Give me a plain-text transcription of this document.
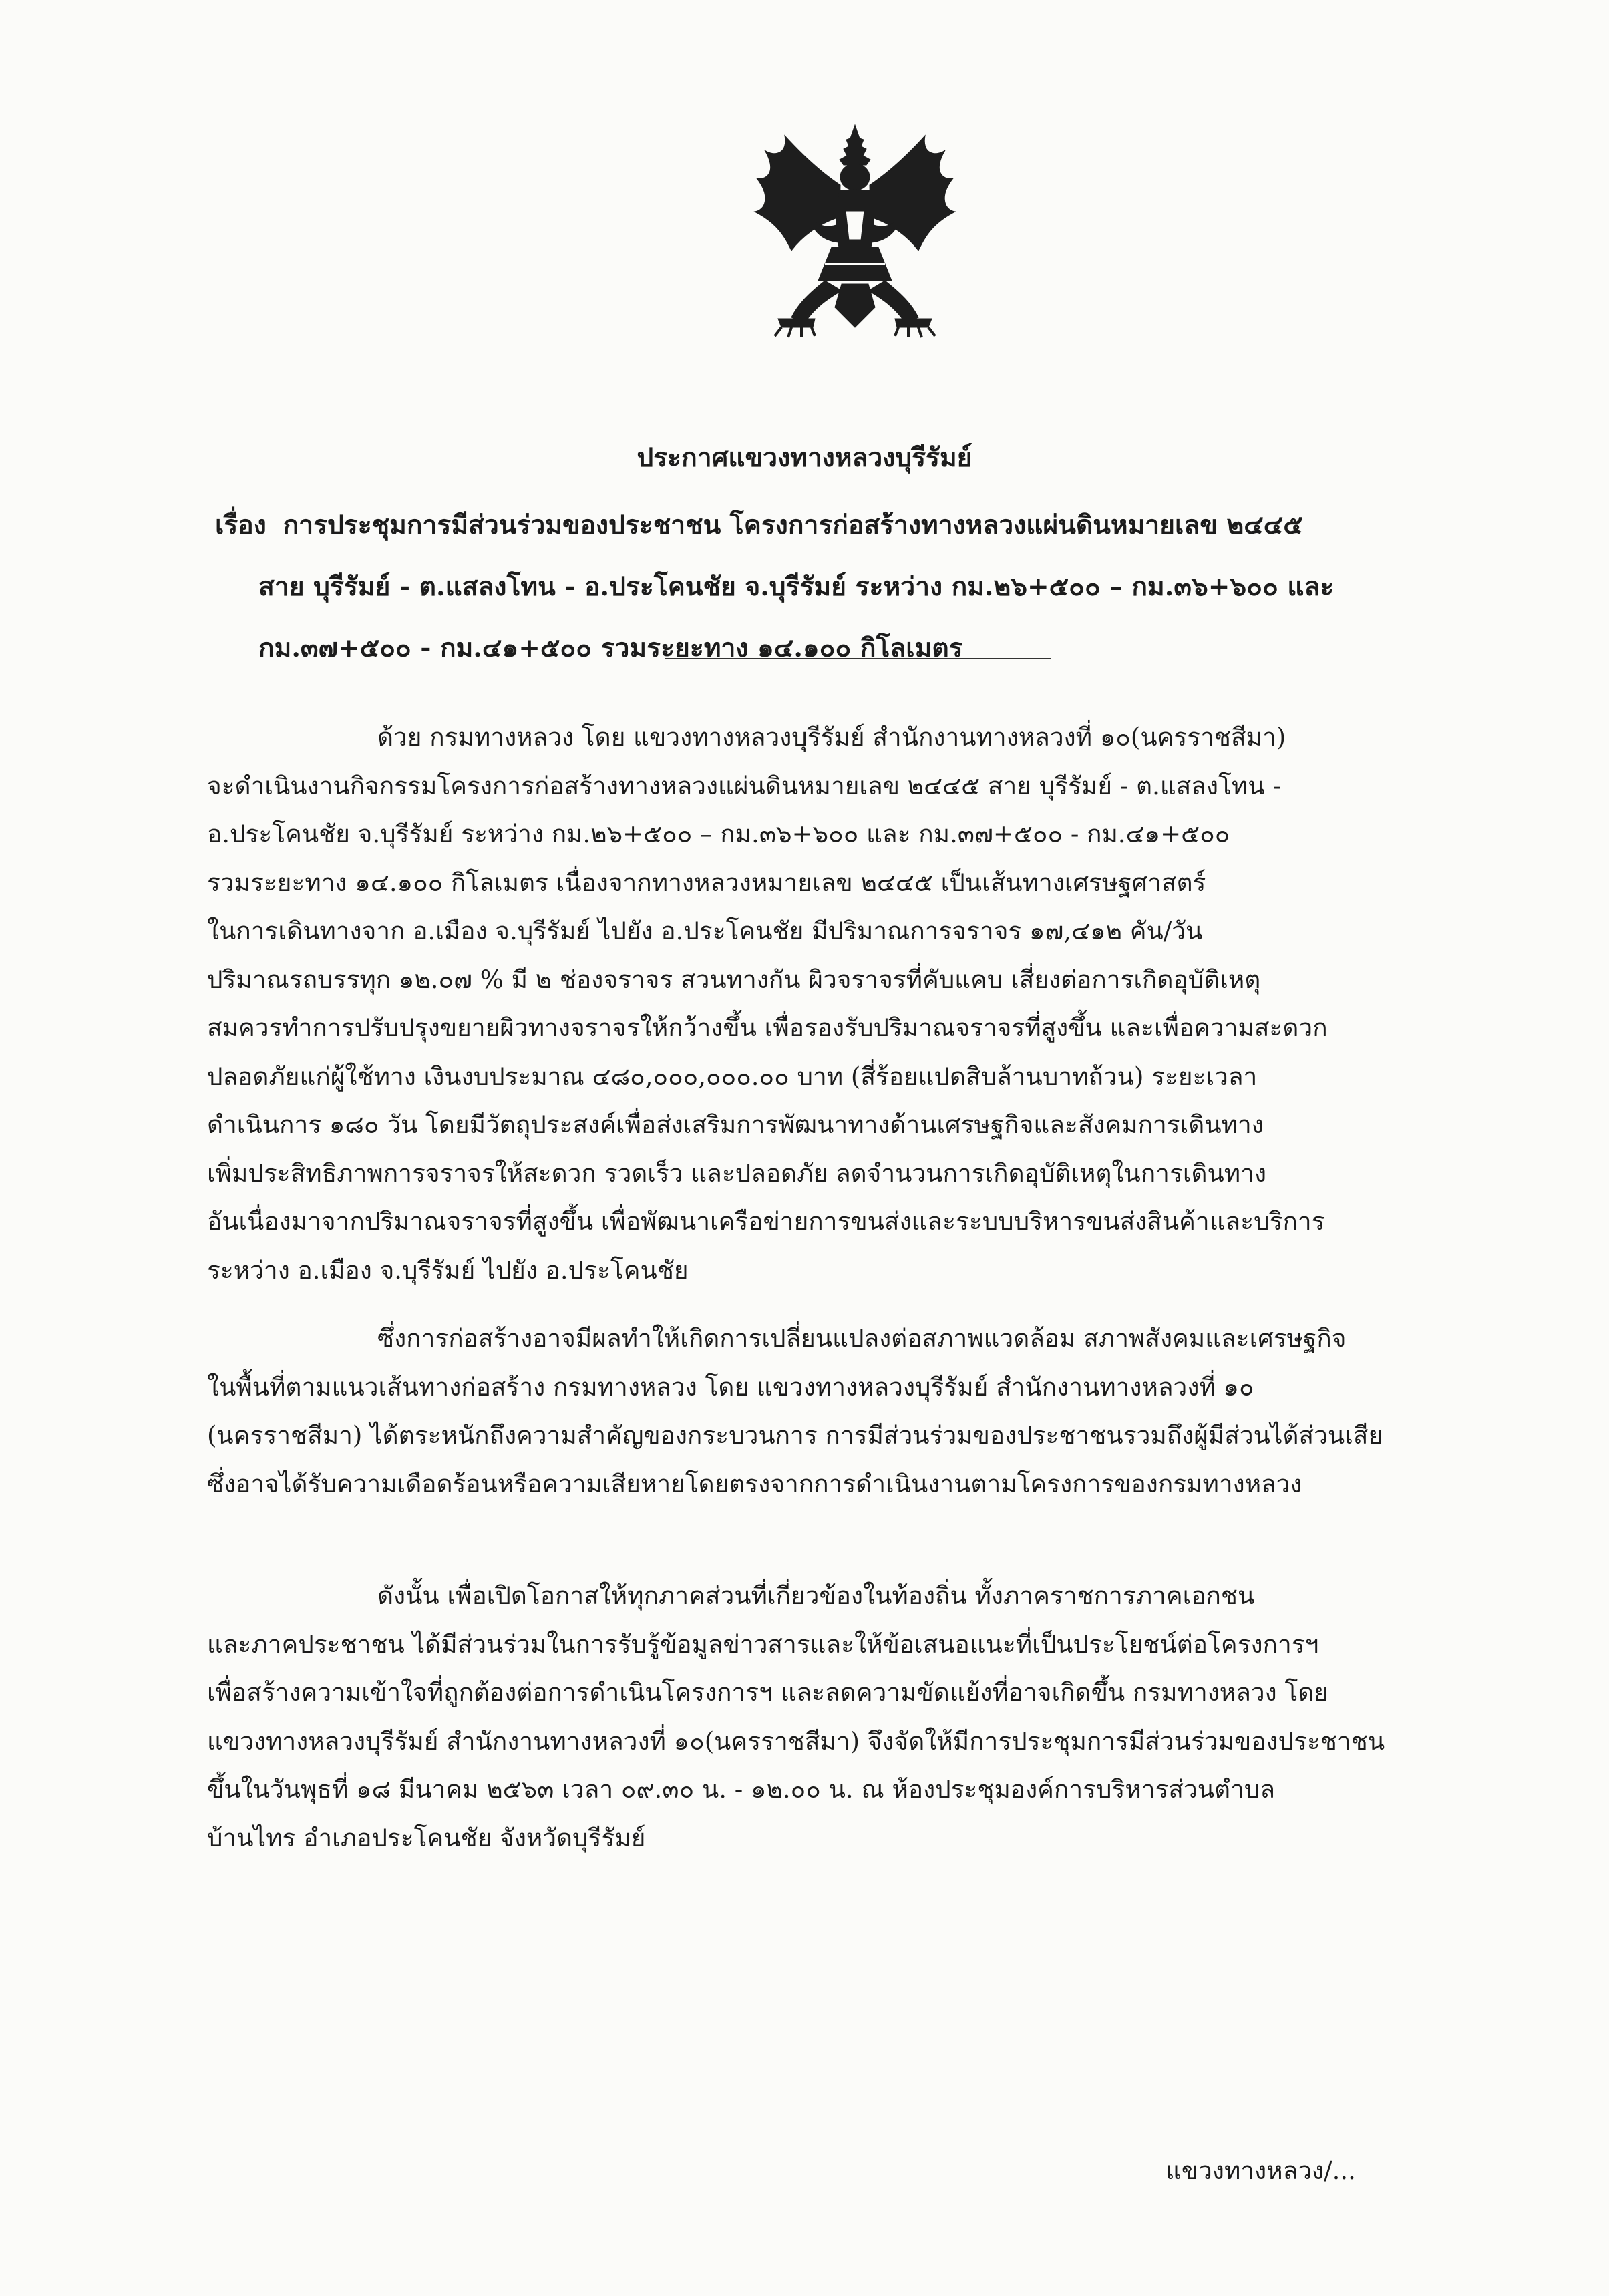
ประกาศแขวงทางหลวงบุรีรัมย์
เรื่อง การประชุมการมีส่วนร่วมของประชาชน โครงการก่อสร้างทางหลวงแผ่นดินหมายเลข ๒๔๔๕
สาย บุรีรัมย์ - ต.แสลงโทน - อ.ประโคนชัย จ.บุรีรัมย์ ระหว่าง กม.๒๖+๕๐๐ – กม.๓๖+๖๐๐ และ
กม.๓๗+๕๐๐ - กม.๔๑+๕๐๐ รวมระยะทาง ๑๔.๑๐๐ กิโลเมตร
ด้วย กรมทางหลวง โดย แขวงทางหลวงบุรีรัมย์ สำนักงานทางหลวงที่ ๑๐(นครราชสีมา)
จะดำเนินงานกิจกรรมโครงการก่อสร้างทางหลวงแผ่นดินหมายเลข ๒๔๔๕ สาย บุรีรัมย์ - ต.แสลงโทน -
อ.ประโคนชัย จ.บุรีรัมย์ ระหว่าง กม.๒๖+๕๐๐ – กม.๓๖+๖๐๐ และ กม.๓๗+๕๐๐ - กม.๔๑+๕๐๐
รวมระยะทาง ๑๔.๑๐๐ กิโลเมตร เนื่องจากทางหลวงหมายเลข ๒๔๔๕ เป็นเส้นทางเศรษฐศาสตร์
ในการเดินทางจาก อ.เมือง จ.บุรีรัมย์ ไปยัง อ.ประโคนชัย มีปริมาณการจราจร ๑๗,๔๑๒ คัน/วัน
ปริมาณรถบรรทุก ๑๒.๐๗ % มี ๒ ช่องจราจร สวนทางกัน ผิวจราจรที่คับแคบ เสี่ยงต่อการเกิดอุบัติเหตุ
สมควรทำการปรับปรุงขยายผิวทางจราจรให้กว้างขึ้น เพื่อรองรับปริมาณจราจรที่สูงขึ้น และเพื่อความสะดวก
ปลอดภัยแก่ผู้ใช้ทาง เงินงบประมาณ ๔๘๐,๐๐๐,๐๐๐.๐๐ บาท (สี่ร้อยแปดสิบล้านบาทถ้วน) ระยะเวลา
ดำเนินการ ๑๘๐ วัน โดยมีวัตถุประสงค์เพื่อส่งเสริมการพัฒนาทางด้านเศรษฐกิจและสังคมการเดินทาง
เพิ่มประสิทธิภาพการจราจรให้สะดวก รวดเร็ว และปลอดภัย ลดจำนวนการเกิดอุบัติเหตุในการเดินทาง
อันเนื่องมาจากปริมาณจราจรที่สูงขึ้น เพื่อพัฒนาเครือข่ายการขนส่งและระบบบริหารขนส่งสินค้าและบริการ
ระหว่าง อ.เมือง จ.บุรีรัมย์ ไปยัง อ.ประโคนชัย
ซึ่งการก่อสร้างอาจมีผลทำให้เกิดการเปลี่ยนแปลงต่อสภาพแวดล้อม สภาพสังคมและเศรษฐกิจ
ในพื้นที่ตามแนวเส้นทางก่อสร้าง กรมทางหลวง โดย แขวงทางหลวงบุรีรัมย์ สำนักงานทางหลวงที่ ๑๐
(นครราชสีมา) ได้ตระหนักถึงความสำคัญของกระบวนการ การมีส่วนร่วมของประชาชนรวมถึงผู้มีส่วนได้ส่วนเสีย
ซึ่งอาจได้รับความเดือดร้อนหรือความเสียหายโดยตรงจากการดำเนินงานตามโครงการของกรมทางหลวง
ดังนั้น เพื่อเปิดโอกาสให้ทุกภาคส่วนที่เกี่ยวข้องในท้องถิ่น ทั้งภาคราชการภาคเอกชน
และภาคประชาชน ได้มีส่วนร่วมในการรับรู้ข้อมูลข่าวสารและให้ข้อเสนอแนะที่เป็นประโยชน์ต่อโครงการฯ
เพื่อสร้างความเข้าใจที่ถูกต้องต่อการดำเนินโครงการฯ และลดความขัดแย้งที่อาจเกิดขึ้น กรมทางหลวง โดย
แขวงทางหลวงบุรีรัมย์ สำนักงานทางหลวงที่ ๑๐(นครราชสีมา) จึงจัดให้มีการประชุมการมีส่วนร่วมของประชาชน
ขึ้นในวันพุธที่ ๑๘ มีนาคม ๒๕๖๓ เวลา ๐๙.๓๐ น. - ๑๒.๐๐ น. ณ ห้องประชุมองค์การบริหารส่วนตำบล
บ้านไทร อำเภอประโคนชัย จังหวัดบุรีรัมย์
แขวงทางหลวง/...
